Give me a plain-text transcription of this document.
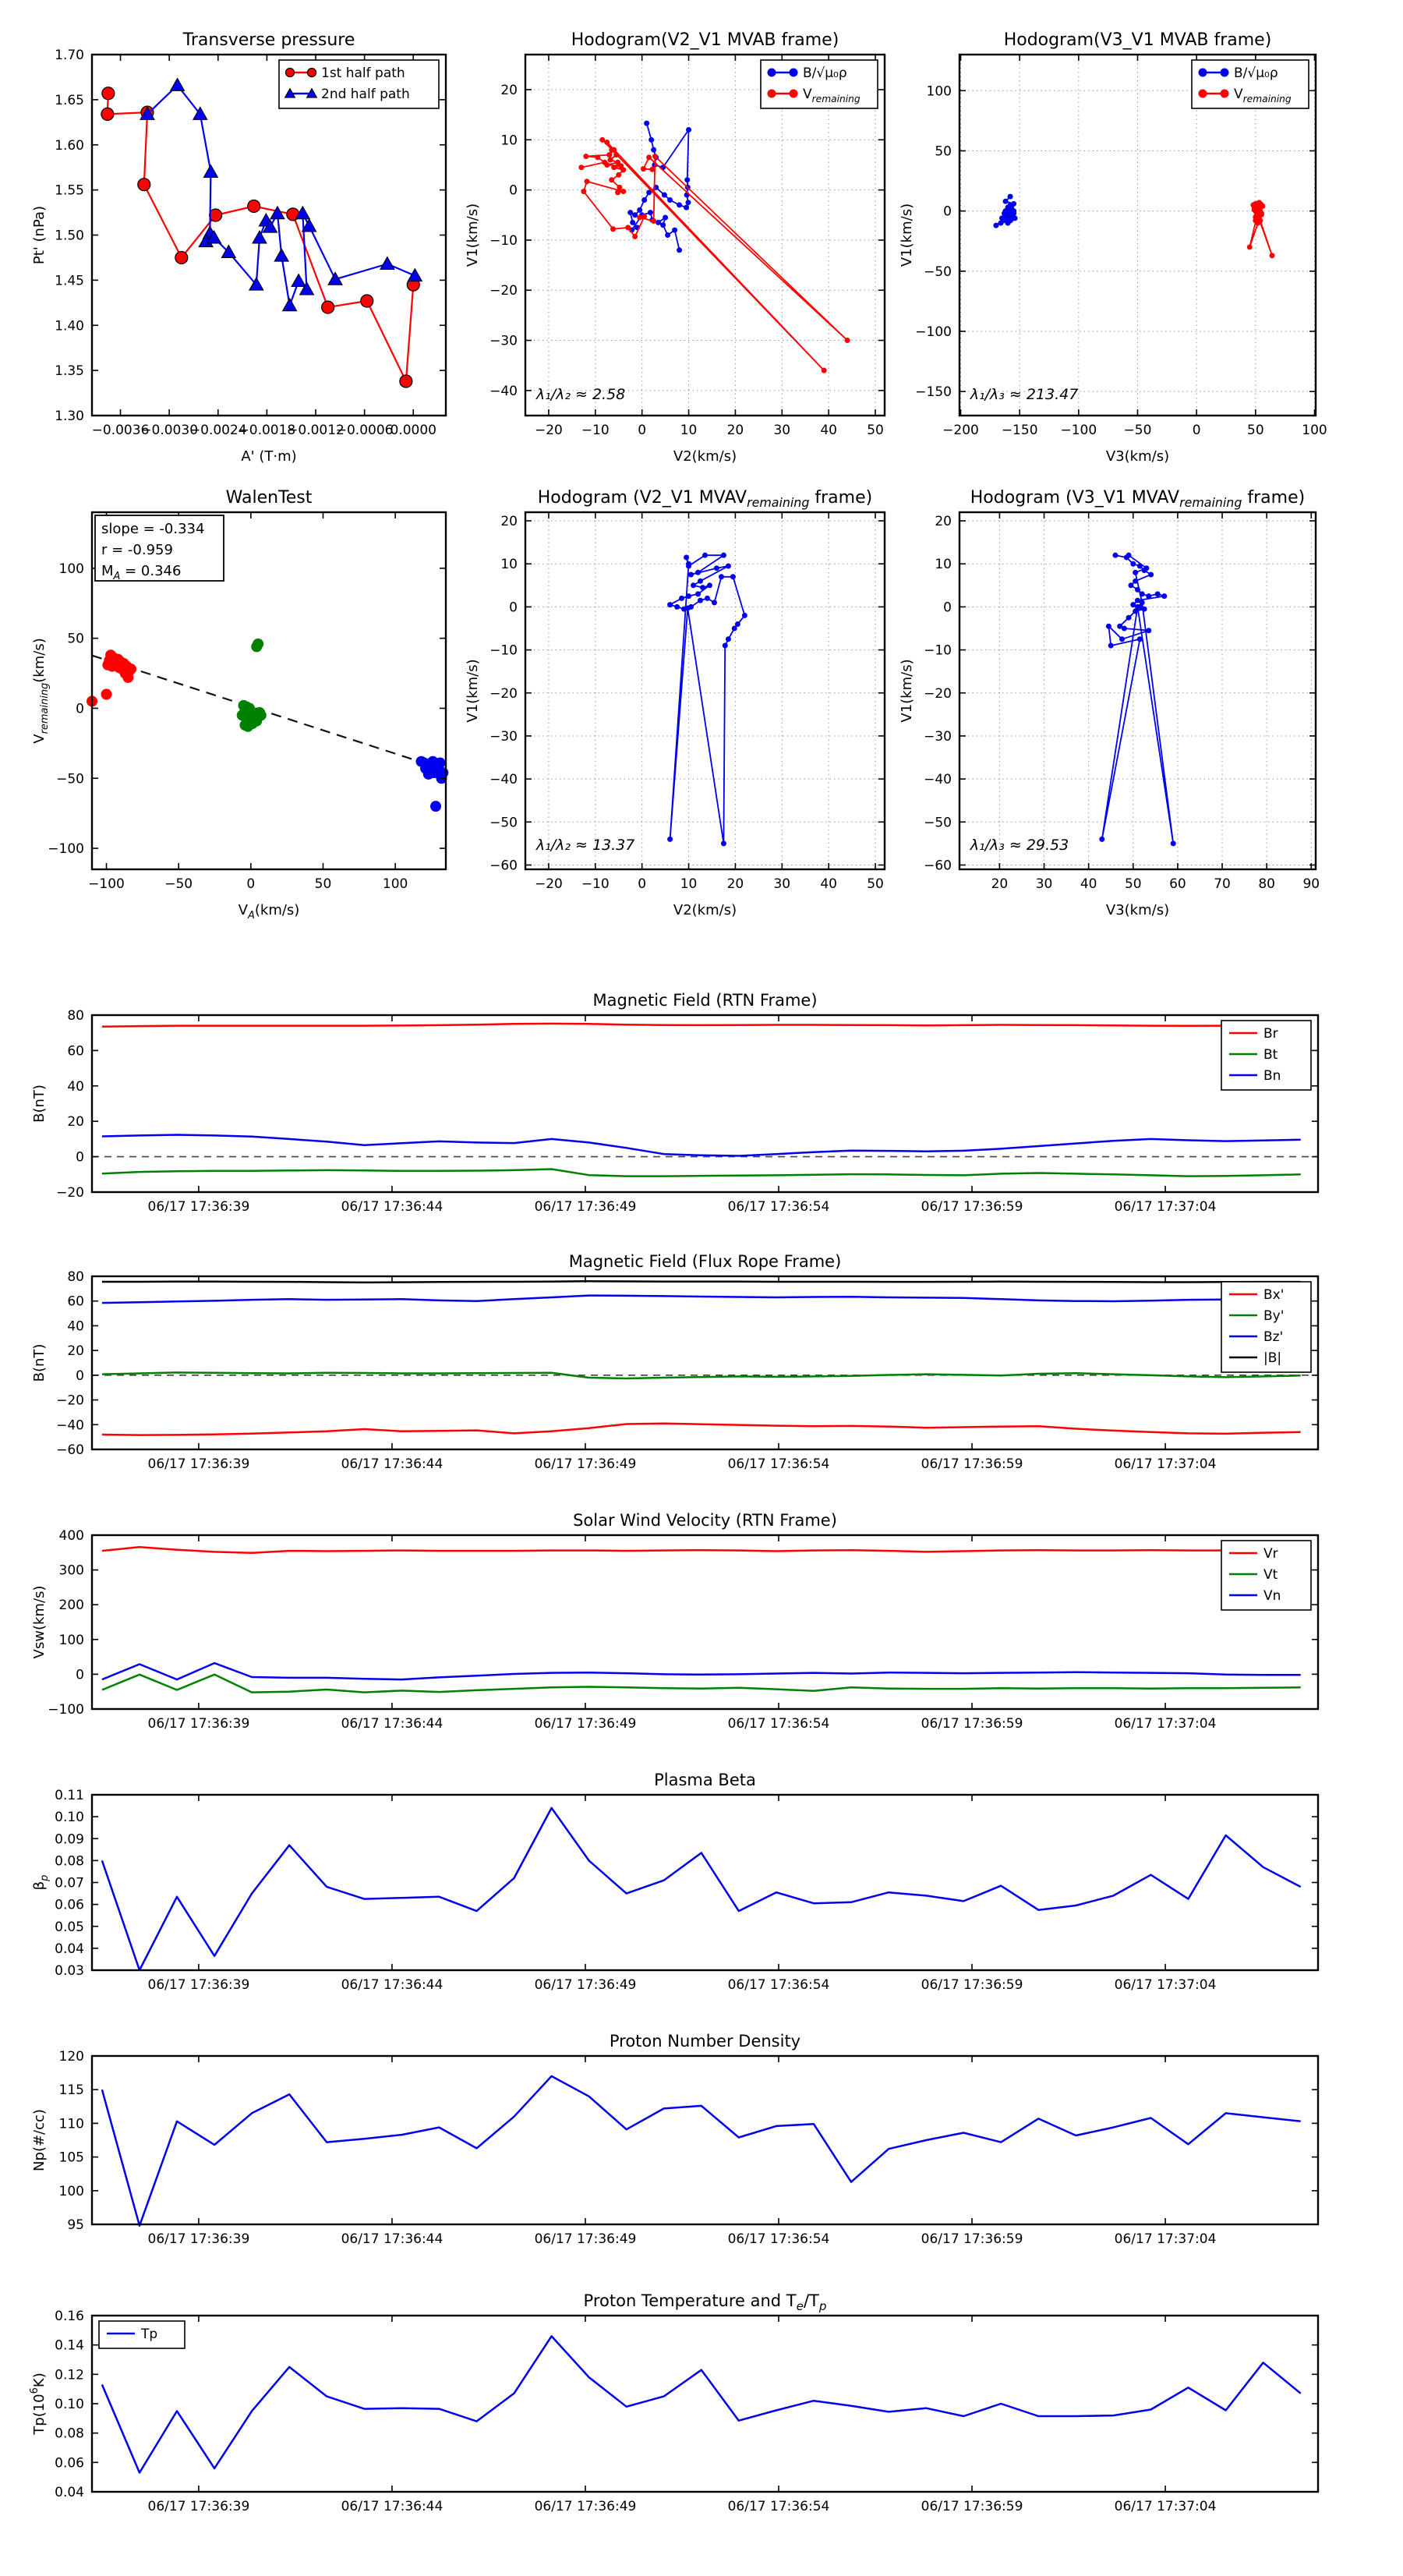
−0.0036
−0.0030
−0.0024
−0.0018
−0.0012
−0.0006
0.0000
1.30
1.35
1.40
1.45
1.50
1.55
1.60
1.65
1.70
Transverse pressure
A' (T·m)
Pt' (nPa)
1st half path
2nd half path
−20 −10 0	10 20 30 40 50
−40
−30
−20
−10
0
10
20
Hodogram(V2_V1 MVAB frame)
V2(km/s)
V1(km/s)
λ₁/λ₂ ≈ 2.58
B/√μ₀ρ
$V_{remaining}$
−200 −150 −100 −50	0	50	100
−150
−100
−50
0
50
100
Hodogram(V3_V1 MVAB frame)
V3(km/s)
V1(km/s)
λ₁/λ₃ ≈ 213.47
B/√μ₀ρ
$V_{remaining}$
−100	−50	0	50	100
−100
−50
0
50
100
WalenTest
$V_A(km/s)$
$V_{remaining}(km/s)$
slope = -0.334
r = -0.959
$M_A = 0.346$
−20 −10 0	10 20 30 40 50
−60
−50
−40
−30
−20
−10
0
10
20
Hodogram (V2_V1 $MVAV_{remaining}$ frame)
V2(km/s)
V1(km/s)
λ₁/λ₂ ≈ 13.37
20 30 40 50 60 70 80 90
−60
−50
−40
−30
−20
−10
0
10
20
Hodogram (V3_V1 $MVAV_{remaining}$ frame)
V3(km/s)
V1(km/s)
λ₁/λ₃ ≈ 29.53
06/17 17:36:39	06/17 17:36:44	06/17 17:36:49	06/17 17:36:54	06/17 17:36:59	06/17 17:37:04
−20
0
20
40
60
80
Magnetic Field (RTN Frame)
B(nT)
Br
Bt
Bn
06/17 17:36:39	06/17 17:36:44	06/17 17:36:49	06/17 17:36:54	06/17 17:36:59	06/17 17:37:04
−60
−40
−20
0
20
40
60
80
Magnetic Field (Flux Rope Frame)
B(nT)
Bx'
By'
Bz'
|B|
06/17 17:36:39	06/17 17:36:44	06/17 17:36:49	06/17 17:36:54	06/17 17:36:59	06/17 17:37:04
−100
0
100
200
300
400
Solar Wind Velocity (RTN Frame)
Vsw(km/s)
Vr
Vt
Vn
06/17 17:36:39	06/17 17:36:44	06/17 17:36:49	06/17 17:36:54	06/17 17:36:59	06/17 17:37:04
0.03
0.04
0.05
0.06
0.07
0.08
0.09
0.10
0.11
Plasma Beta
$\beta_p$
06/17 17:36:39	06/17 17:36:44	06/17 17:36:49	06/17 17:36:54	06/17 17:36:59	06/17 17:37:04
95
100
105
110
115
120
Proton Number Density
Np(#/cc)
06/17 17:36:39	06/17 17:36:44	06/17 17:36:49	06/17 17:36:54	06/17 17:36:59	06/17 17:37:04
0.04
0.06
0.08
0.10
0.12
0.14
0.16
Proton Temperature and $T_e/T_p$
$Tp(10^6K)$
Tp
